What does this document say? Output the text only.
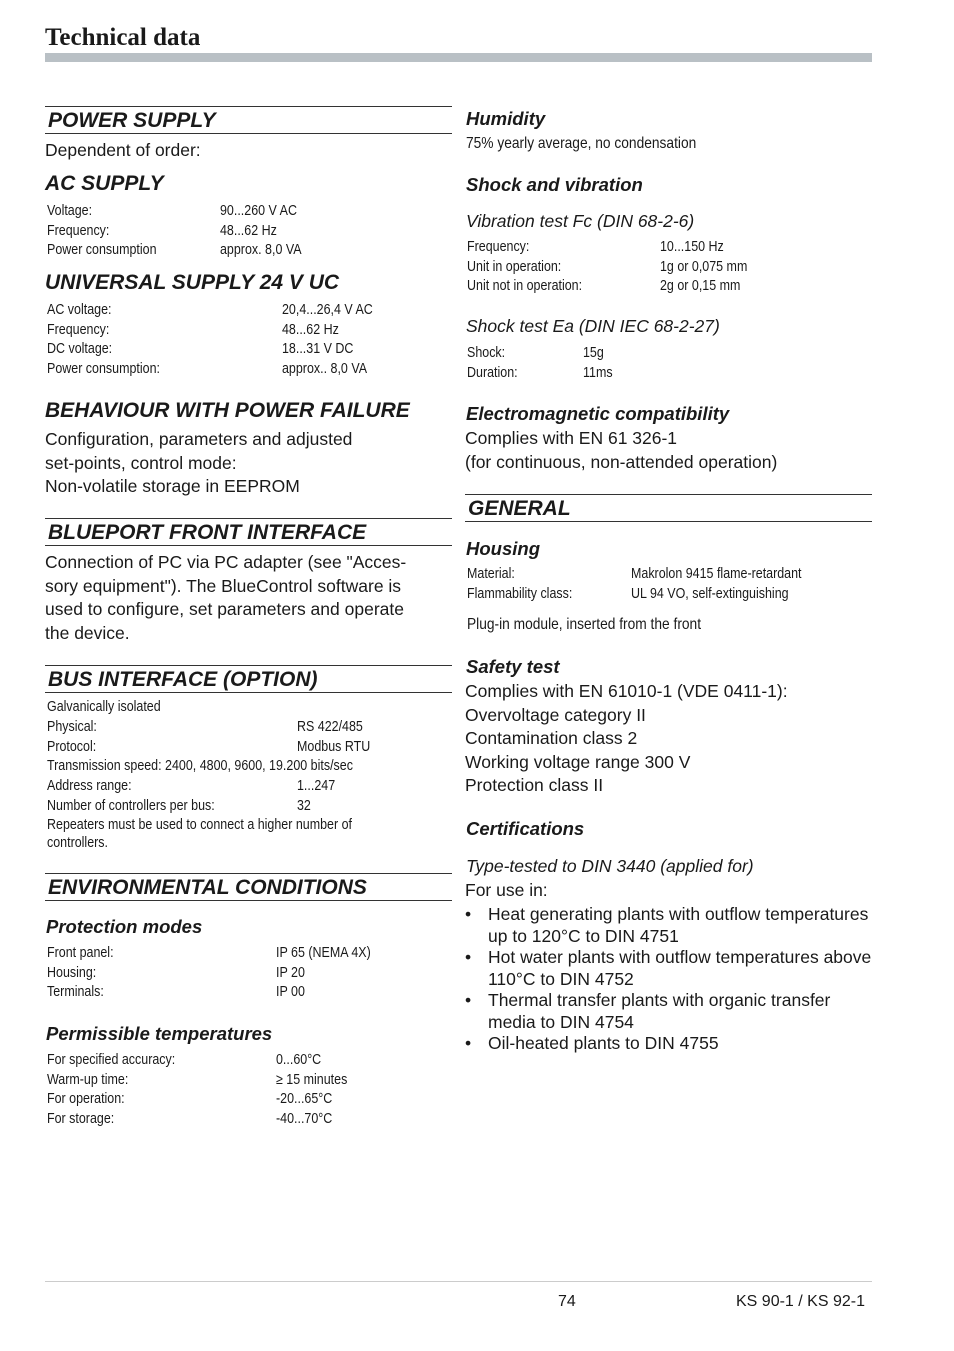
Technical data
POWER SUPPLY
Dependent of order:
AC SUPPLY
Voltage:	90...260 V AC
Frequency:	48...62 Hz
Power consumption	approx. 8,0 VA
UNIVERSAL SUPPLY 24 V UC
AC voltage:	20,4...26,4 V AC
Frequency:	48...62 Hz
DC voltage:	18...31 V DC
Power consumption:	approx.. 8,0 VA
BEHAVIOUR WITH POWER FAILURE
Configuration, parameters and adjusted
set-points, control mode:
Non-volatile storage in EEPROM
BLUEPORT FRONT INTERFACE
Connection of PC via PC adapter (see "Acces-
sory equipment"). The BlueControl software is
used to configure, set parameters and operate
the device.
BUS INTERFACE (OPTION)
Galvanically isolated
Physical:	RS 422/485
Protocol:	Modbus RTU
Transmission speed: 2400, 4800, 9600, 19.200 bits/sec
Address range:	1...247
Number of controllers per bus:	32
Repeaters must be used to connect a higher number of
controllers.
ENVIRONMENTAL CONDITIONS
Protection modes
Front panel:	IP 65 (NEMA 4X)
Housing:	IP 20
Terminals:	IP 00
Permissible temperatures
For specified accuracy:	0...60°C
Warm-up time:	≥ 15 minutes
For operation:	-20...65°C
For storage:	-40...70°C
Humidity
75% yearly average, no condensation
Shock and vibration
Vibration test Fc (DIN 68-2-6)
Frequency:	10...150 Hz
Unit in operation:	1g or 0,075 mm
Unit not in operation:	2g or 0,15 mm
Shock test Ea (DIN IEC 68-2-27)
Shock:	15g
Duration:	11ms
Electromagnetic compatibility
Complies with EN 61 326-1
(for continuous, non-attended operation)
GENERAL
Housing
Material:	Makrolon 9415 flame-retardant
Flammability class:	UL 94 VO, self-extinguishing
Plug-in module, inserted from the front
Safety test
Complies with EN 61010-1 (VDE 0411-1):
Overvoltage category II
Contamination class 2
Working voltage range 300 V
Protection class II
Certifications
Type-tested to DIN 3440 (applied for)
For use in:
• Heat generating plants with outflow temperatures up to 120°C to DIN 4751
• Hot water plants with outflow temperatures above 110°C to DIN 4752
• Thermal transfer plants with organic transfer media to DIN 4754
• Oil-heated plants to DIN 4755
74	KS 90-1 / KS 92-1
